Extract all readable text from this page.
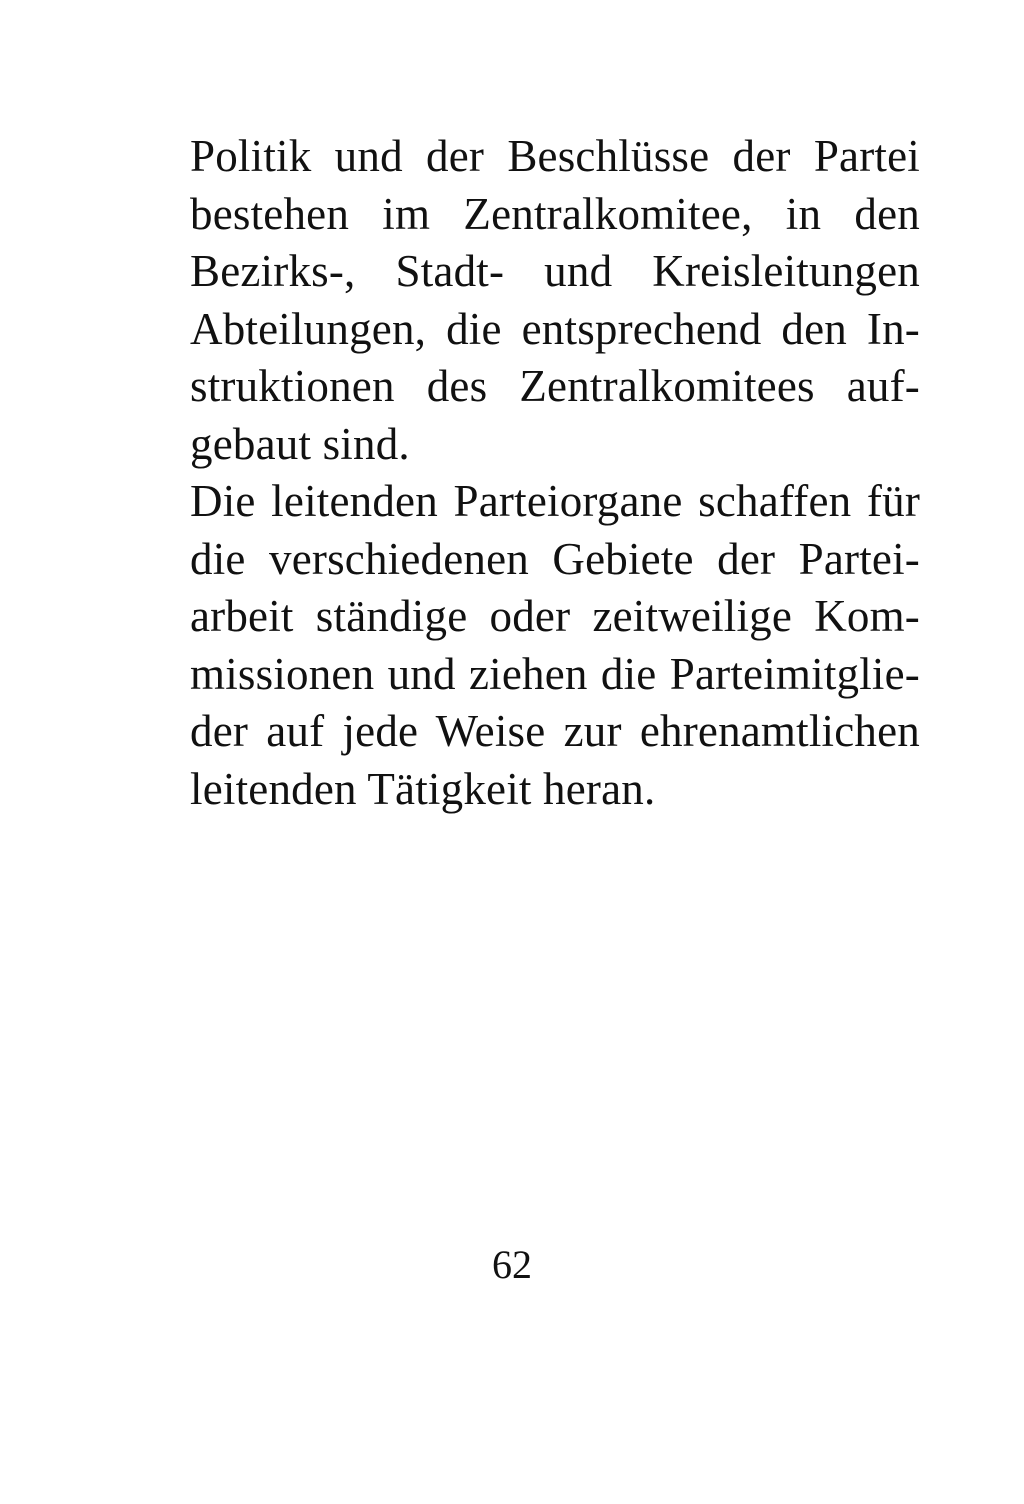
Politik und der Beschlüsse der Partei
bestehen im Zentralkomitee, in den
Bezirks-, Stadt- und Kreisleitungen
Abteilungen, die entsprechend den In-
struktionen des Zentralkomitees auf-
gebaut sind.
Die leitenden Parteiorgane schaffen für
die verschiedenen Gebiete der Partei-
arbeit ständige oder zeitweilige Kom-
missionen und ziehen die Parteimitglie-
der auf jede Weise zur ehrenamtlichen
leitenden Tätigkeit heran.
62
